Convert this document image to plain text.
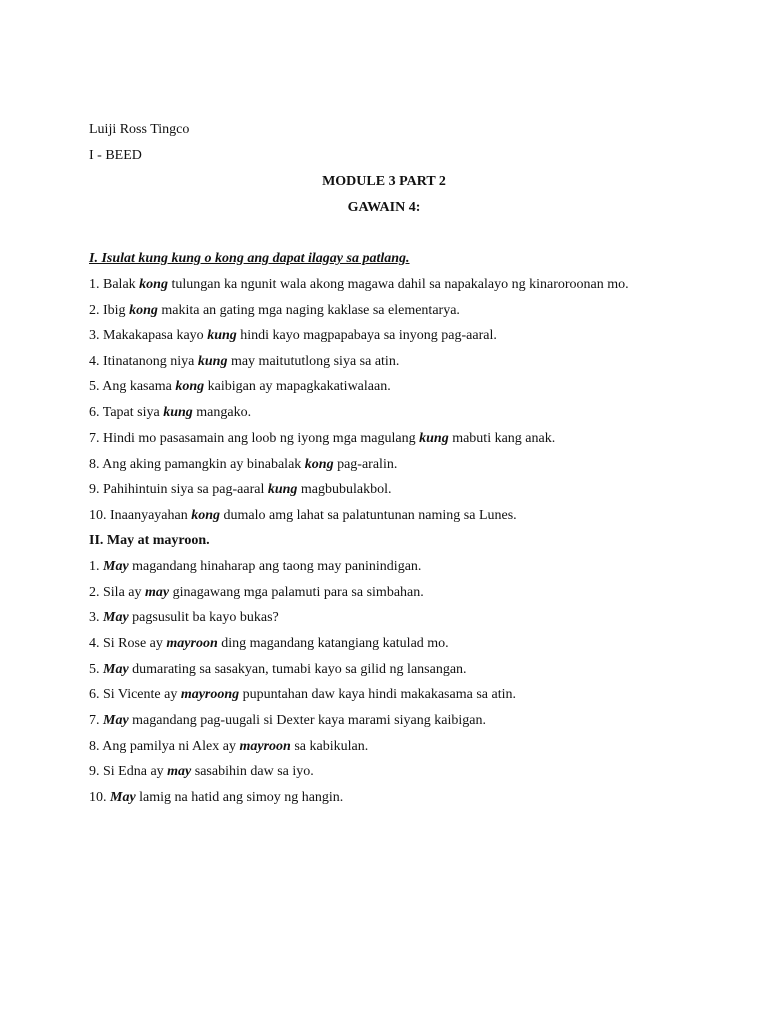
Luiji Ross Tingco
I - BEED
MODULE 3 PART 2
GAWAIN 4:
I. Isulat kung kung o kong ang dapat ilagay sa patlang.
1. Balak kong tulungan ka ngunit wala akong magawa dahil sa napakalayo ng kinaroroonan mo.
2. Ibig kong makita an gating mga naging kaklase sa elementarya.
3. Makakapasa kayo kung hindi kayo magpapabaya sa inyong pag-aaral.
4. Itinatanong niya kung may maitututlong siya sa atin.
5. Ang kasama kong kaibigan ay mapagkakatiwalaan.
6. Tapat siya kung mangako.
7. Hindi mo pasasamain ang loob ng iyong mga magulang kung mabuti kang anak.
8. Ang aking pamangkin ay binabalak kong pag-aralin.
9. Pahihintuin siya sa pag-aaral kung magbubulakbol.
10. Inaanyayahan kong dumalo amg lahat sa palatuntunan naming sa Lunes.
II. May at mayroon.
1. May magandang hinaharap ang taong may paninindigan.
2. Sila ay may ginagawang mga palamuti para sa simbahan.
3. May pagsusulit ba kayo bukas?
4. Si Rose ay mayroon ding magandang katangiang katulad mo.
5. May dumarating sa sasakyan, tumabi kayo sa gilid ng lansangan.
6. Si Vicente ay mayroong pupuntahan daw kaya hindi makakasama sa atin.
7. May magandang pag-uugali si Dexter kaya marami siyang kaibigan.
8. Ang pamilya ni Alex ay mayroon sa kabikulan.
9. Si Edna ay may sasabihin daw sa iyo.
10. May lamig na hatid ang simoy ng hangin.
